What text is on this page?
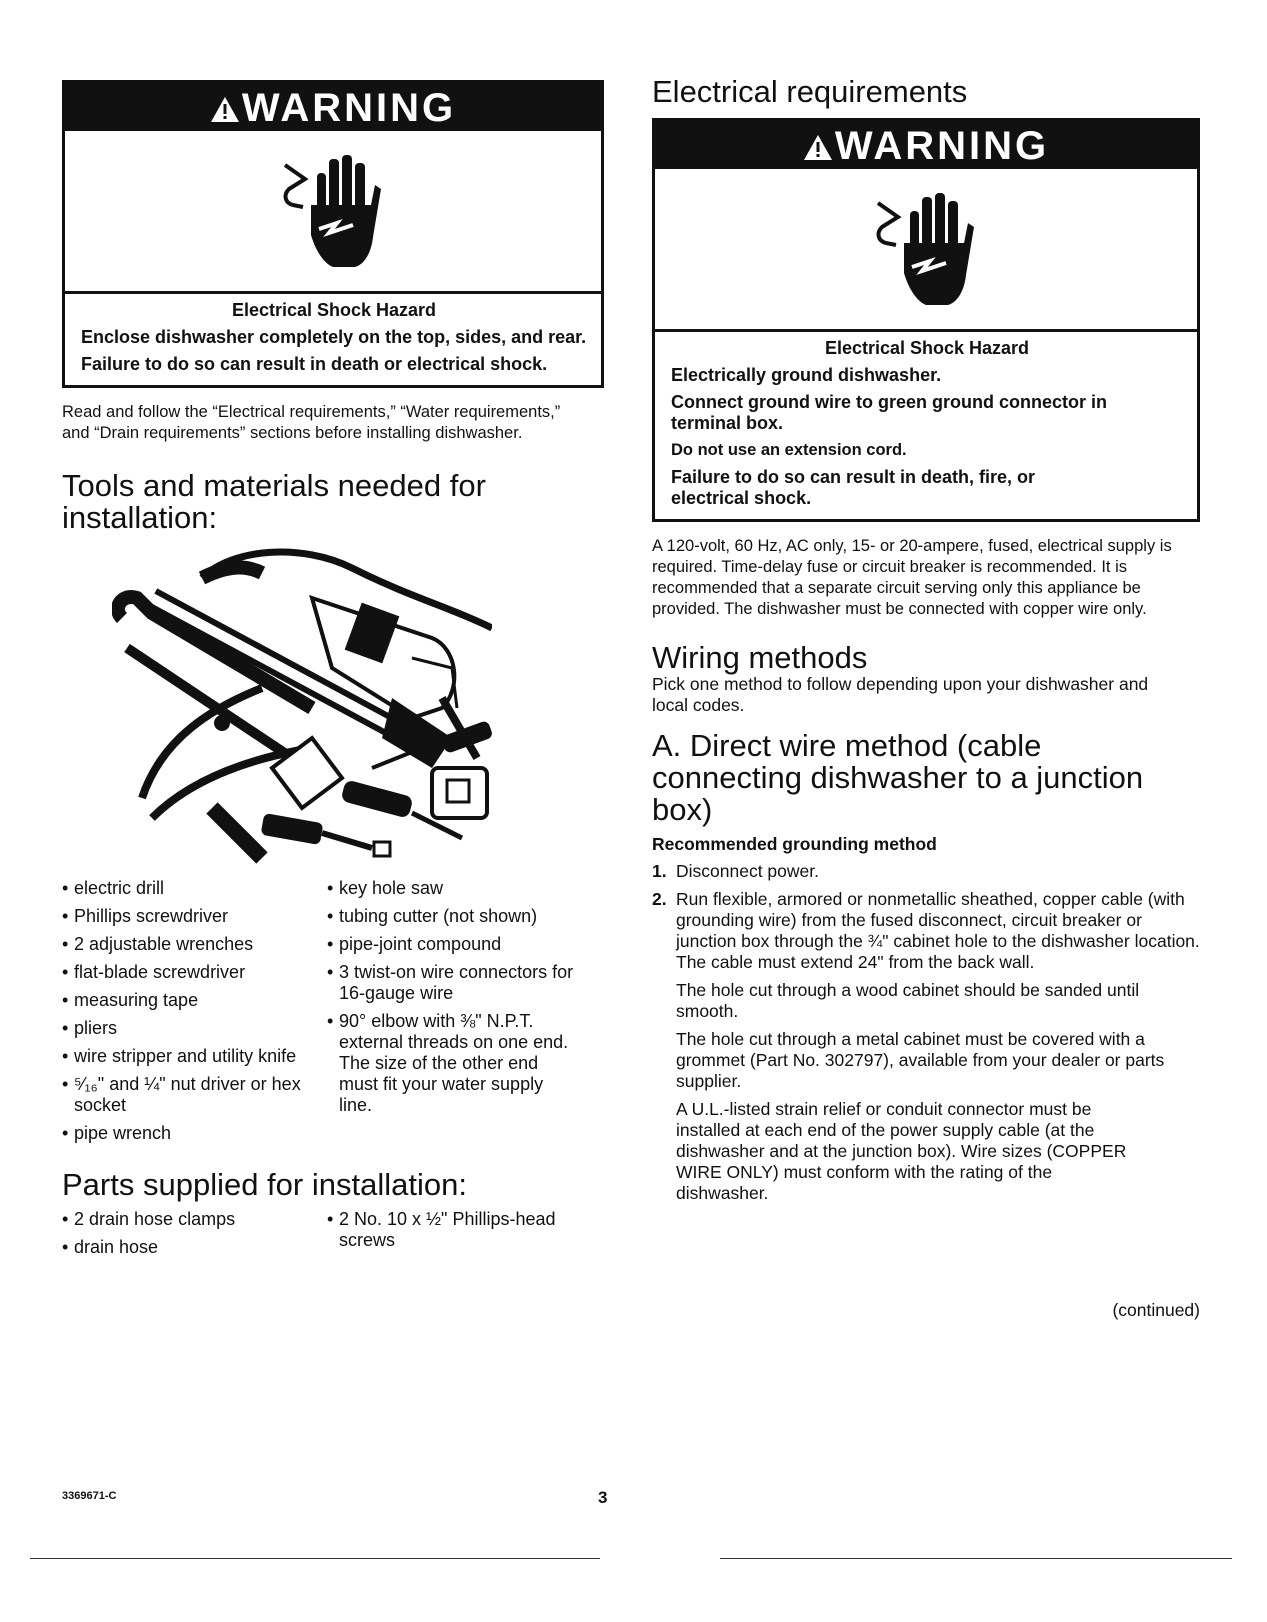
WARNING
Electrical Shock Hazard

Enclose dishwasher completely on the top, sides, and rear.

Failure to do so can result in death or electrical shock.

Read and follow the “Electrical requirements,” “Water requirements,” and “Drain requirements” sections before installing dishwasher.
Tools and materials needed for installation:
• electric drill
• Phillips screwdriver
• 2 adjustable wrenches
• flat-blade screwdriver
• measuring tape
• pliers
• wire stripper and utility knife
• ⁵⁄₁₆" and ¼" nut driver or hex socket
• pipe wrench
• key hole saw
• tubing cutter (not shown)
• pipe-joint compound
• 3 twist-on wire connectors for 16-gauge wire
• 90° elbow with ⅜" N.P.T. external threads on one end. The size of the other end must fit your water supply line.
Parts supplied for installation:
• 2 drain hose clamps
• drain hose
• 2 No. 10 x ½" Phillips-head screws
Electrical requirements
WARNING
Electrical Shock Hazard

Electrically ground dishwasher.

Connect ground wire to green ground connector in terminal box.

Do not use an extension cord.

Failure to do so can result in death, fire, or electrical shock.

A 120-volt, 60 Hz, AC only, 15- or 20-ampere, fused, electrical supply is required. Time-delay fuse or circuit breaker is recommended. It is recommended that a separate circuit serving only this appliance be provided. The dishwasher must be connected with copper wire only.
Wiring methods
Pick one method to follow depending upon your dishwasher and local codes.
A. Direct wire method (cable connecting dishwasher to a junction box)
Recommended grounding method
1. Disconnect power.
2. Run flexible, armored or nonmetallic sheathed, copper cable (with grounding wire) from the fused disconnect, circuit breaker or junction box through the ¾" cabinet hole to the dishwasher location. The cable must extend 24" from the back wall.

The hole cut through a wood cabinet should be sanded until smooth.

The hole cut through a metal cabinet must be covered with a grommet (Part No. 302797), available from your dealer or parts supplier.

A U.L.-listed strain relief or conduit connector must be installed at each end of the power supply cable (at the dishwasher and at the junction box). Wire sizes (COPPER WIRE ONLY) must conform with the rating of the dishwasher.

(continued)
3369671-C	3
